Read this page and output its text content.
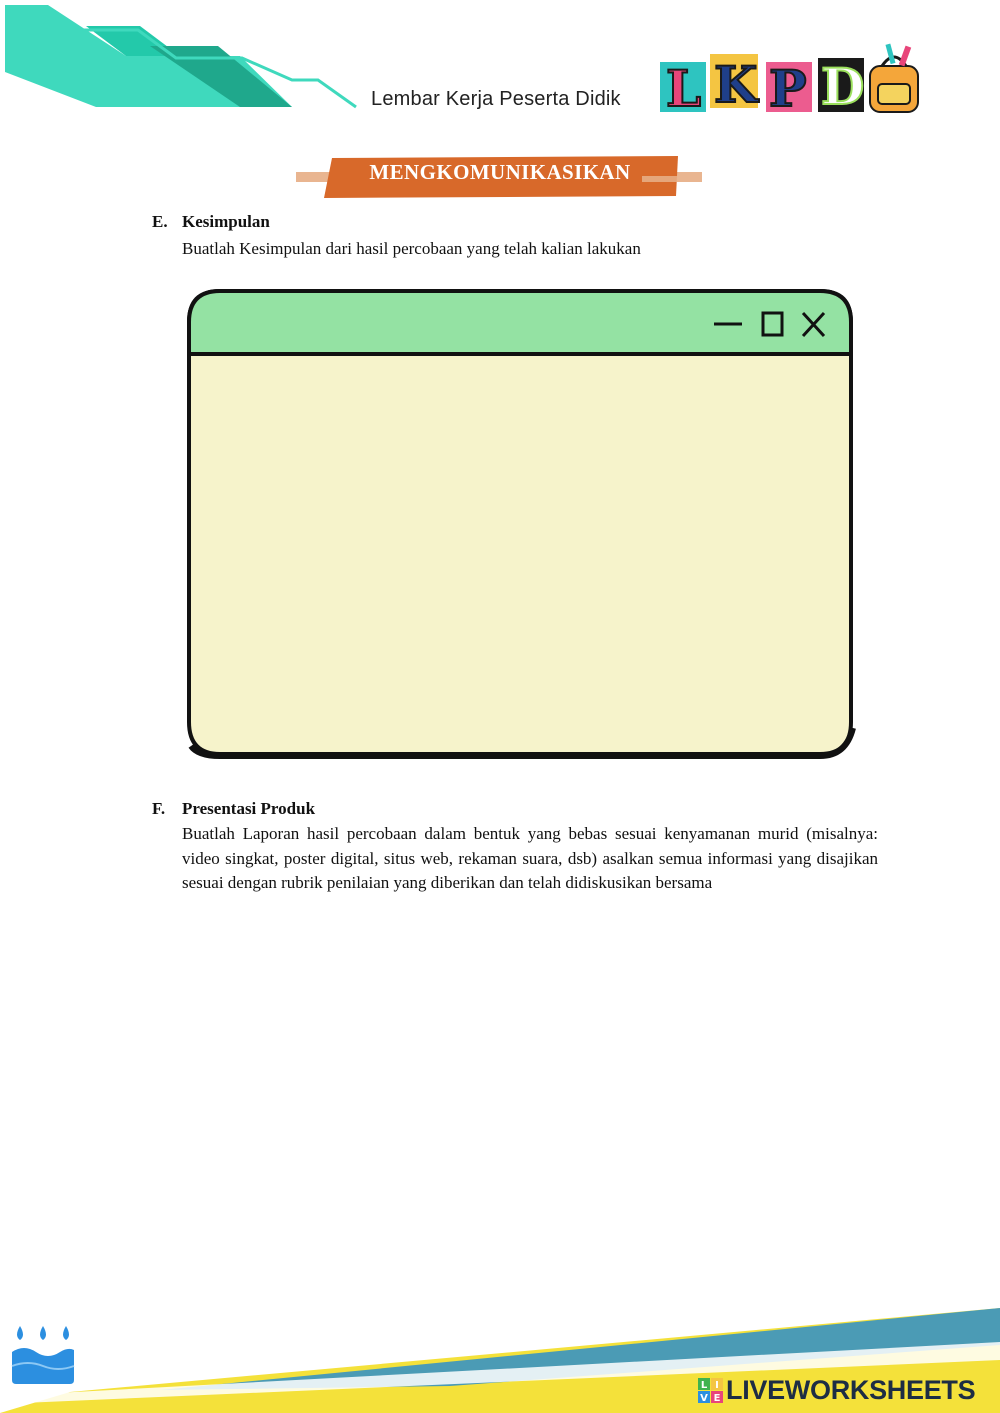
Lembar Kerja Peserta Didik L K P D
MENGKOMUNIKASIKAN
E. Kesimpulan
Buatlah Kesimpulan dari hasil percobaan yang telah kalian lakukan
F. Presentasi Produk
Buatlah Laporan hasil percobaan dalam bentuk yang bebas sesuai kenyamanan murid (misalnya: video singkat, poster digital, situs web, rekaman suara, dsb) asalkan semua informasi yang disajikan sesuai dengan rubrik penilaian yang diberikan dan telah didiskusikan bersama
L I
V E LIVEWORKSHEETS
